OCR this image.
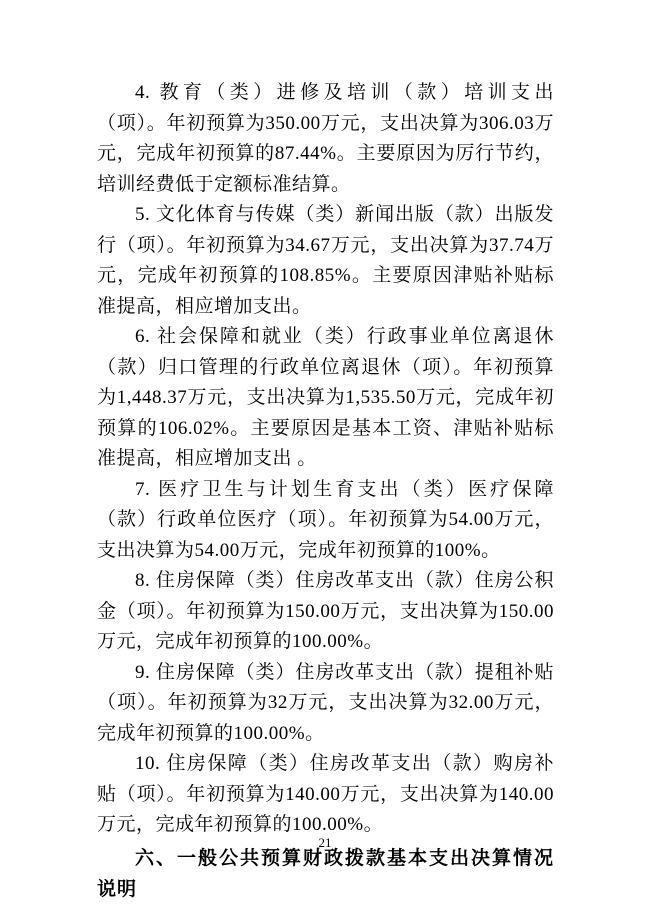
4. 教育（类）进修及培训（款）培训支出（项）。年初预算为350.00万元，支出决算为306.03万元，完成年初预算的87.44%。主要原因为厉行节约，培训经费低于定额标准结算。

5. 文化体育与传媒（类）新闻出版（款）出版发行（项）。年初预算为34.67万元，支出决算为37.74万元，完成年初预算的108.85%。主要原因津贴补贴标准提高，相应增加支出。

6. 社会保障和就业（类）行政事业单位离退休（款）归口管理的行政单位离退休（项）。年初预算为1,448.37万元，支出决算为1,535.50万元，完成年初预算的106.02%。主要原因是基本工资、津贴补贴标准提高，相应增加支出 。

7. 医疗卫生与计划生育支出（类）医疗保障（款）行政单位医疗（项）。年初预算为54.00万元，支出决算为54.00万元，完成年初预算的100%。

8. 住房保障（类）住房改革支出（款）住房公积金（项）。年初预算为150.00万元，支出决算为150.00万元，完成年初预算的100.00%。

9. 住房保障（类）住房改革支出（款）提租补贴（项）。年初预算为32万元，支出决算为32.00万元，完成年初预算的100.00%。

10. 住房保障（类）住房改革支出（款）购房补贴（项）。年初预算为140.00万元，支出决算为140.00万元，完成年初预算的100.00%。

六、一般公共预算财政拨款基本支出决算情况说明
21
